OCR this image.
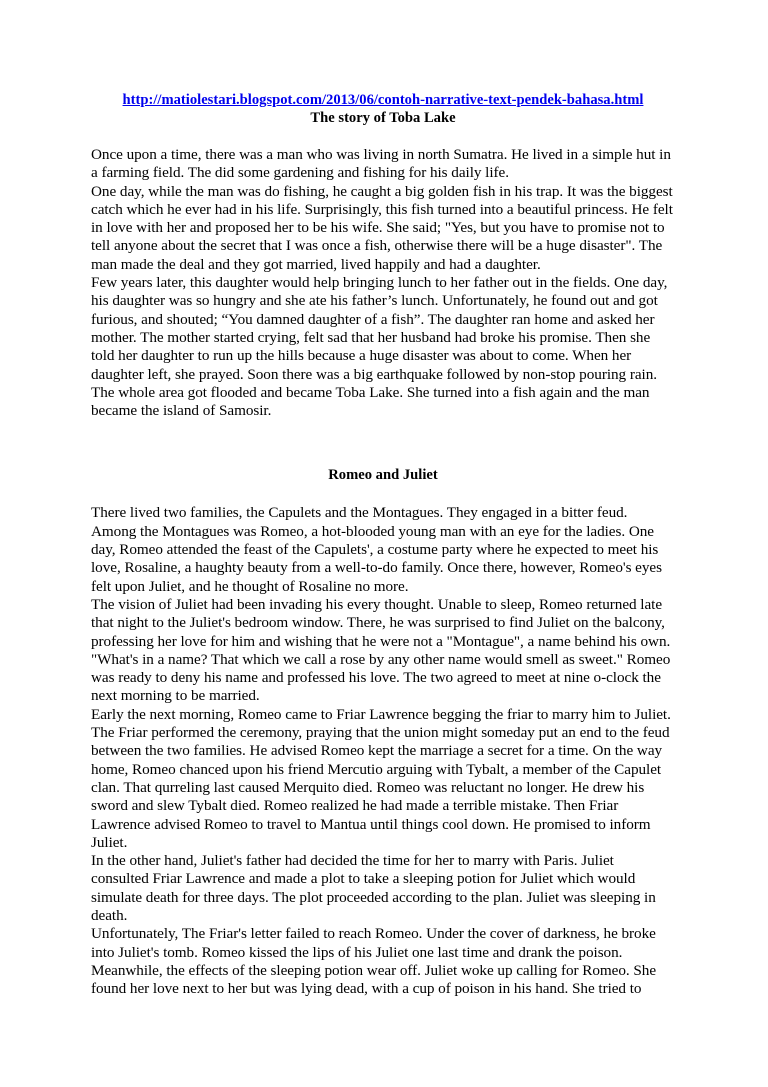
http://matiolestari.blogspot.com/2013/06/contoh-narrative-text-pendek-bahasa.html
The story of Toba Lake

Once upon a time, there was a man who was living in north Sumatra. He lived in a simple hut in a farming field. The did some gardening and fishing for his daily life.

One day, while the man was do fishing, he caught a big golden fish in his trap. It was the biggest catch which he ever had in his life. Surprisingly, this fish turned into a beautiful princess. He felt in love with her and proposed her to be his wife. She said; "Yes, but you have to promise not to tell anyone about the secret that I was once a fish, otherwise there will be a huge disaster". The man made the deal and they got married, lived happily and had a daughter.

Few years later, this daughter would help bringing lunch to her father out in the fields. One day, his daughter was so hungry and she ate his father’s lunch. Unfortunately, he found out and got furious, and shouted; “You damned daughter of a fish”. The daughter ran home and asked her mother. The mother started crying, felt sad that her husband had broke his promise. Then she told her daughter to run up the hills because a huge disaster was about to come. When her daughter left, she prayed. Soon there was a big earthquake followed by non-stop pouring rain. The whole area got flooded and became Toba Lake. She turned into a fish again and the man became the island of Samosir.

Romeo and Juliet

There lived two families, the Capulets and the Montagues. They engaged in a bitter feud. Among the Montagues was Romeo, a hot-blooded young man with an eye for the ladies. One day, Romeo attended the feast of the Capulets', a costume party where he expected to meet his love, Rosaline, a haughty beauty from a well-to-do family. Once there, however, Romeo's eyes felt upon Juliet, and he thought of Rosaline no more.

The vision of Juliet had been invading his every thought. Unable to sleep, Romeo returned late that night to the Juliet's bedroom window. There, he was surprised to find Juliet on the balcony, professing her love for him and wishing that he were not a "Montague", a name behind his own. "What's in a name? That which we call a rose by any other name would smell as sweet." Romeo was ready to deny his name and professed his love. The two agreed to meet at nine o-clock the next morning to be married.

Early the next morning, Romeo came to Friar Lawrence begging the friar to marry him to Juliet. The Friar performed the ceremony, praying that the union might someday put an end to the feud between the two families. He advised Romeo kept the marriage a secret for a time. On the way home, Romeo chanced upon his friend Mercutio arguing with Tybalt, a member of the Capulet clan. That qurreling last caused Merquito died. Romeo was reluctant no longer. He drew his sword and slew Tybalt died. Romeo realized he had made a terrible mistake. Then Friar Lawrence advised Romeo to travel to Mantua until things cool down. He promised to inform Juliet.

In the other hand, Juliet's father had decided the time for her to marry with Paris. Juliet consulted Friar Lawrence and made a plot to take a sleeping potion for Juliet which would simulate death for three days. The plot proceeded according to the plan. Juliet was sleeping in death.

Unfortunately, The Friar's letter failed to reach Romeo. Under the cover of darkness, he broke into Juliet's tomb. Romeo kissed the lips of his Juliet one last time and drank the poison. Meanwhile, the effects of the sleeping potion wear off. Juliet woke up calling for Romeo. She found her love next to her but was lying dead, with a cup of poison in his hand. She tried to
